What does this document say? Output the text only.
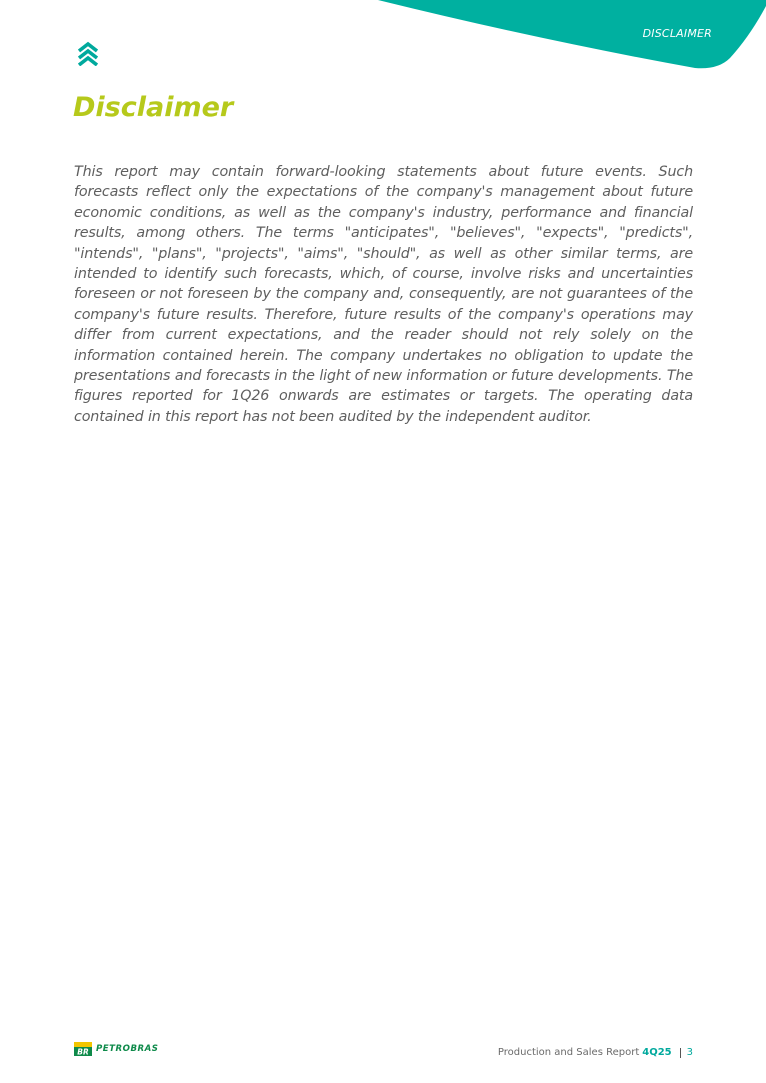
DISCLAIMER
Disclaimer

This report may contain forward-looking statements about future events. Such forecasts reflect only the expectations of the company's management about future economic conditions, as well as the company's industry, performance and financial results, among others. The terms "anticipates", "believes", "expects", "predicts", "intends", "plans", "projects", "aims", "should", as well as other similar terms, are intended to identify such forecasts, which, of course, involve risks and uncertainties foreseen or not foreseen by the company and, consequently, are not guarantees of the company's future results. Therefore, future results of the company's operations may differ from current expectations, and the reader should not rely solely on the information contained herein. The company undertakes no obligation to update the presentations and forecasts in the light of new information or future developments. The figures reported for 1Q26 onwards are estimates or targets. The operating data contained in this report has not been audited by the independent auditor.

BR PETROBRAS	Production and Sales Report 4Q25 3
